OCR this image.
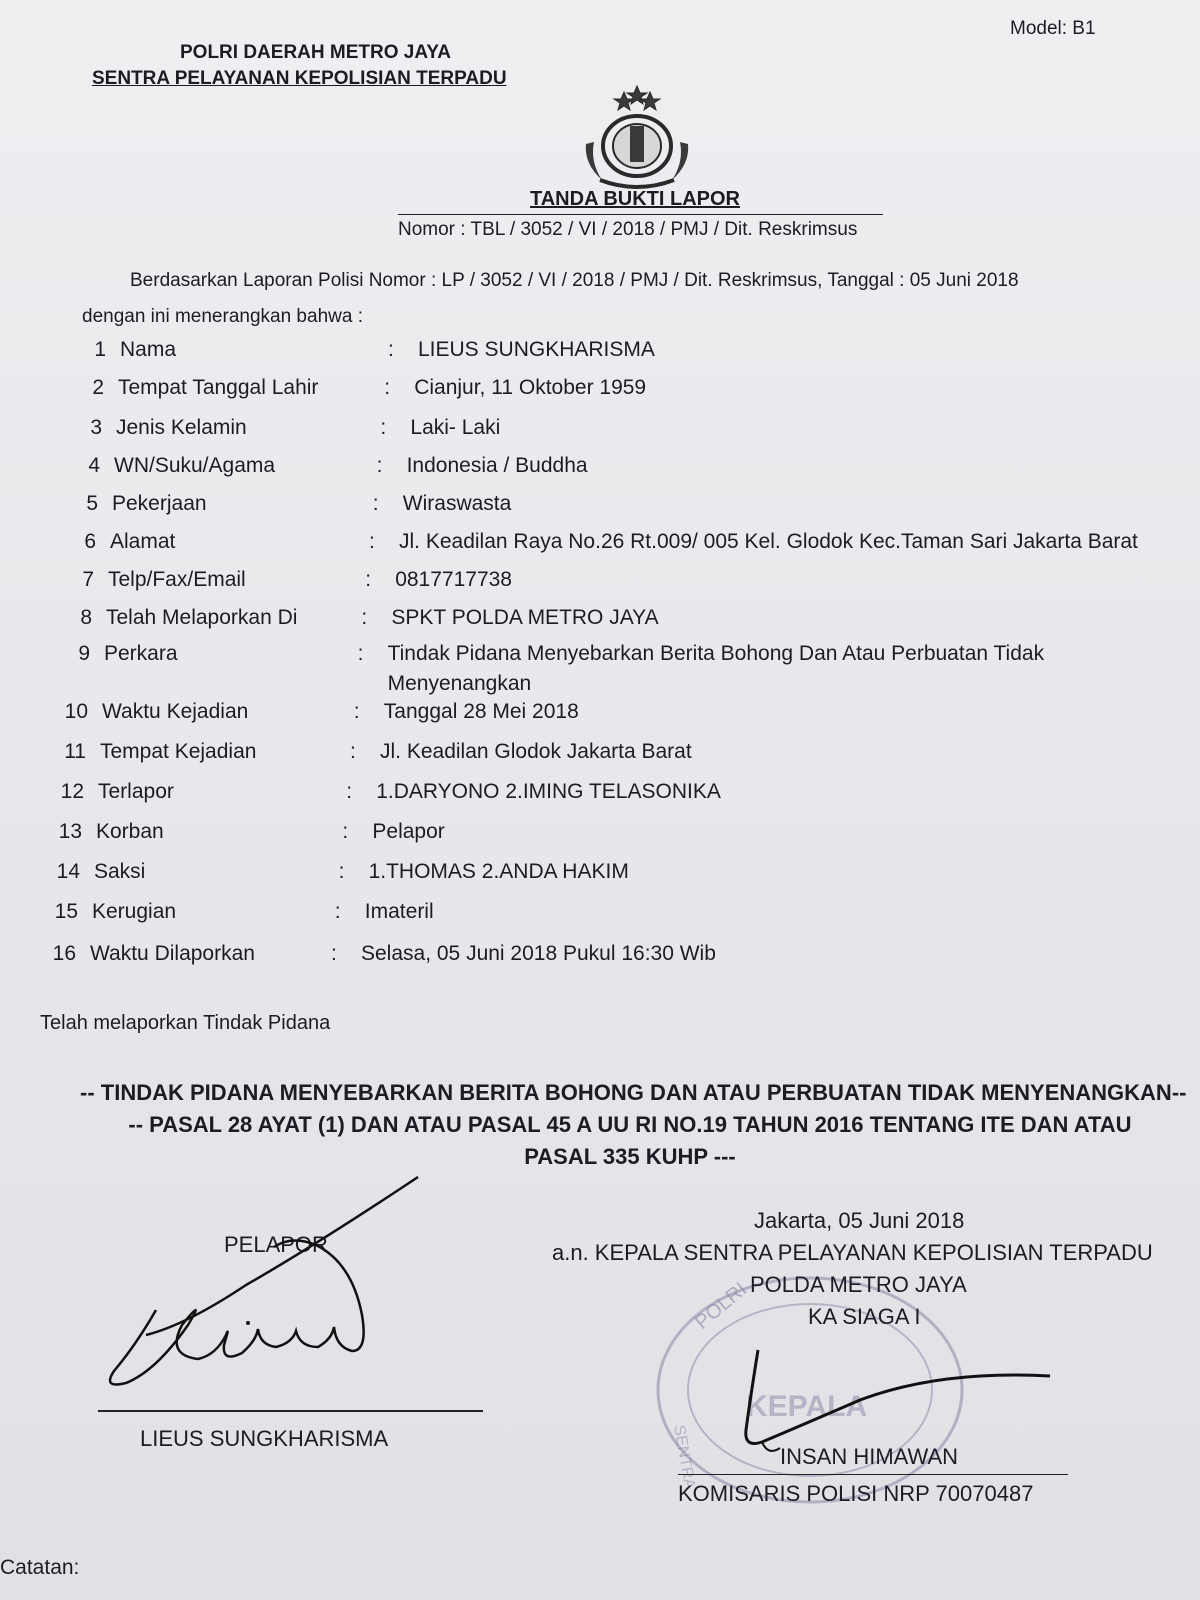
Model: B1
POLRI DAERAH METRO JAYA
SENTRA PELAYANAN KEPOLISIAN TERPADU
TANDA BUKTI LAPOR
Nomor : TBL / 3052 / VI / 2018 / PMJ / Dit. Reskrimsus
Berdasarkan Laporan Polisi Nomor : LP / 3052 / VI / 2018 / PMJ / Dit. Reskrimsus, Tanggal : 05 Juni 2018
dengan ini menerangkan bahwa :
1 Nama	: LIEUS SUNGKHARISMA
2 Tempat Tanggal Lahir	: Cianjur, 11 Oktober 1959
3 Jenis Kelamin	: Laki- Laki
4 WN/Suku/Agama	: Indonesia / Buddha
5 Pekerjaan	: Wiraswasta
6 Alamat	: Jl. Keadilan Raya No.26 Rt.009/ 005 Kel. Glodok Kec.Taman Sari Jakarta Barat
7 Telp/Fax/Email	: 0817717738
8 Telah Melaporkan Di	: SPKT POLDA METRO JAYA
9 Perkara	: Tindak Pidana Menyebarkan Berita Bohong Dan Atau Perbuatan Tidak
Menyenangkan
10 Waktu Kejadian	: Tanggal 28 Mei 2018
11 Tempat Kejadian	: Jl. Keadilan Glodok Jakarta Barat
12 Terlapor	: 1.DARYONO 2.IMING TELASONIKA
13 Korban	: Pelapor
14 Saksi	: 1.THOMAS 2.ANDA HAKIM
15 Kerugian	: Imateril
16 Waktu Dilaporkan	: Selasa, 05 Juni 2018 Pukul 16:30 Wib
Telah melaporkan Tindak Pidana
-- TINDAK PIDANA MENYEBARKAN BERITA BOHONG DAN ATAU PERBUATAN TIDAK MENYENANGKAN--
-- PASAL 28 AYAT (1) DAN ATAU PASAL 45 A UU RI NO.19 TAHUN 2016 TENTANG ITE DAN ATAU
PASAL 335 KUHP ---
POLRI
KEPALA
SENTRA
Jakarta, 05 Juni 2018
a.n. KEPALA SENTRA PELAYANAN KEPOLISIAN TERPADU
POLDA METRO JAYA
KA SIAGA I
INSAN HIMAWAN
KOMISARIS POLISI NRP 70070487
PELAPOR
LIEUS SUNGKHARISMA
Catatan:
